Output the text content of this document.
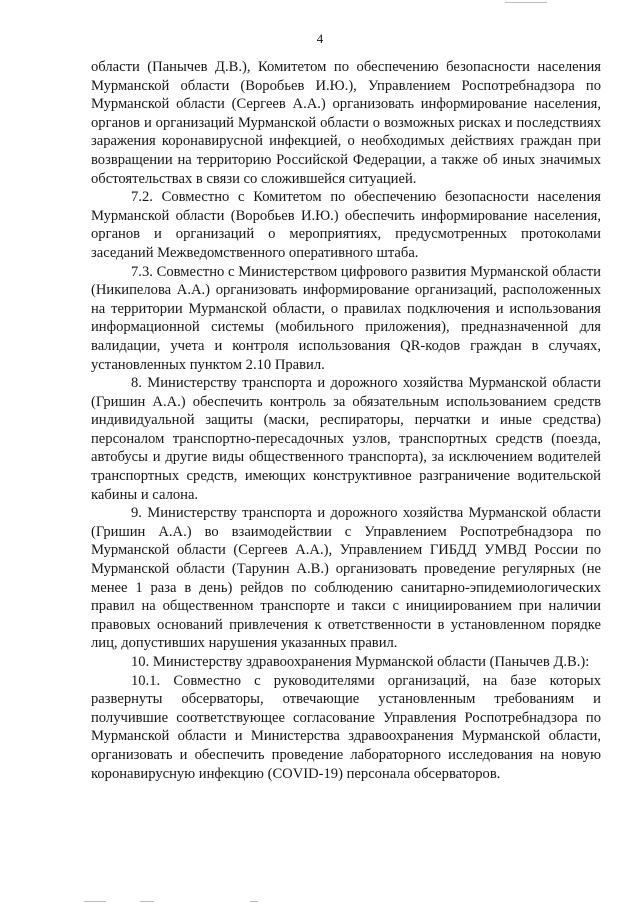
4

области (Панычев Д.В.), Комитетом по обеспечению безопасности населения Мурманской области (Воробьев И.Ю.), Управлением Роспотребнадзора по Мурманской области (Сергеев А.А.) организовать информирование населения, органов и организаций Мурманской области о возможных рисках и последствиях заражения коронавирусной инфекцией, о необходимых действиях граждан при возвращении на территорию Российской Федерации, а также об иных значимых обстоятельствах в связи со сложившейся ситуацией.

7.2. Совместно с Комитетом по обеспечению безопасности населения Мурманской области (Воробьев И.Ю.) обеспечить информирование населения, органов и организаций о мероприятиях, предусмотренных протоколами заседаний Межведомственного оперативного штаба.

7.3. Совместно с Министерством цифрового развития Мурманской области (Никипелова А.А.) организовать информирование организаций, расположенных на территории Мурманской области, о правилах подключения и использования информационной системы (мобильного приложения), предназначенной для валидации, учета и контроля использования QR-кодов граждан в случаях, установленных пунктом 2.10 Правил.

8. Министерству транспорта и дорожного хозяйства Мурманской области (Гришин А.А.) обеспечить контроль за обязательным использованием средств индивидуальной защиты (маски, респираторы, перчатки и иные средства) персоналом транспортно-пересадочных узлов, транспортных средств (поезда, автобусы и другие виды общественного транспорта), за исключением водителей транспортных средств, имеющих конструктивное разграничение водительской кабины и салона.

9. Министерству транспорта и дорожного хозяйства Мурманской области (Гришин А.А.) во взаимодействии с Управлением Роспотребнадзора по Мурманской области (Сергеев А.А.), Управлением ГИБДД УМВД России по Мурманской области (Тарунин А.В.) организовать проведение регулярных (не менее 1 раза в день) рейдов по соблюдению санитарно-эпидемиологических правил на общественном транспорте и такси с инициированием при наличии правовых оснований привлечения к ответственности в установленном порядке лиц, допустивших нарушения указанных правил.

10. Министерству здравоохранения Мурманской области (Панычев Д.В.):

10.1. Совместно с руководителями организаций, на базе которых развернуты обсерваторы, отвечающие установленным требованиям и получившие соответствующее согласование Управления Роспотребнадзора по Мурманской области и Министерства здравоохранения Мурманской области, организовать и обеспечить проведение лабораторного исследования на новую коронавирусную инфекцию (COVID-19) персонала обсерваторов.
